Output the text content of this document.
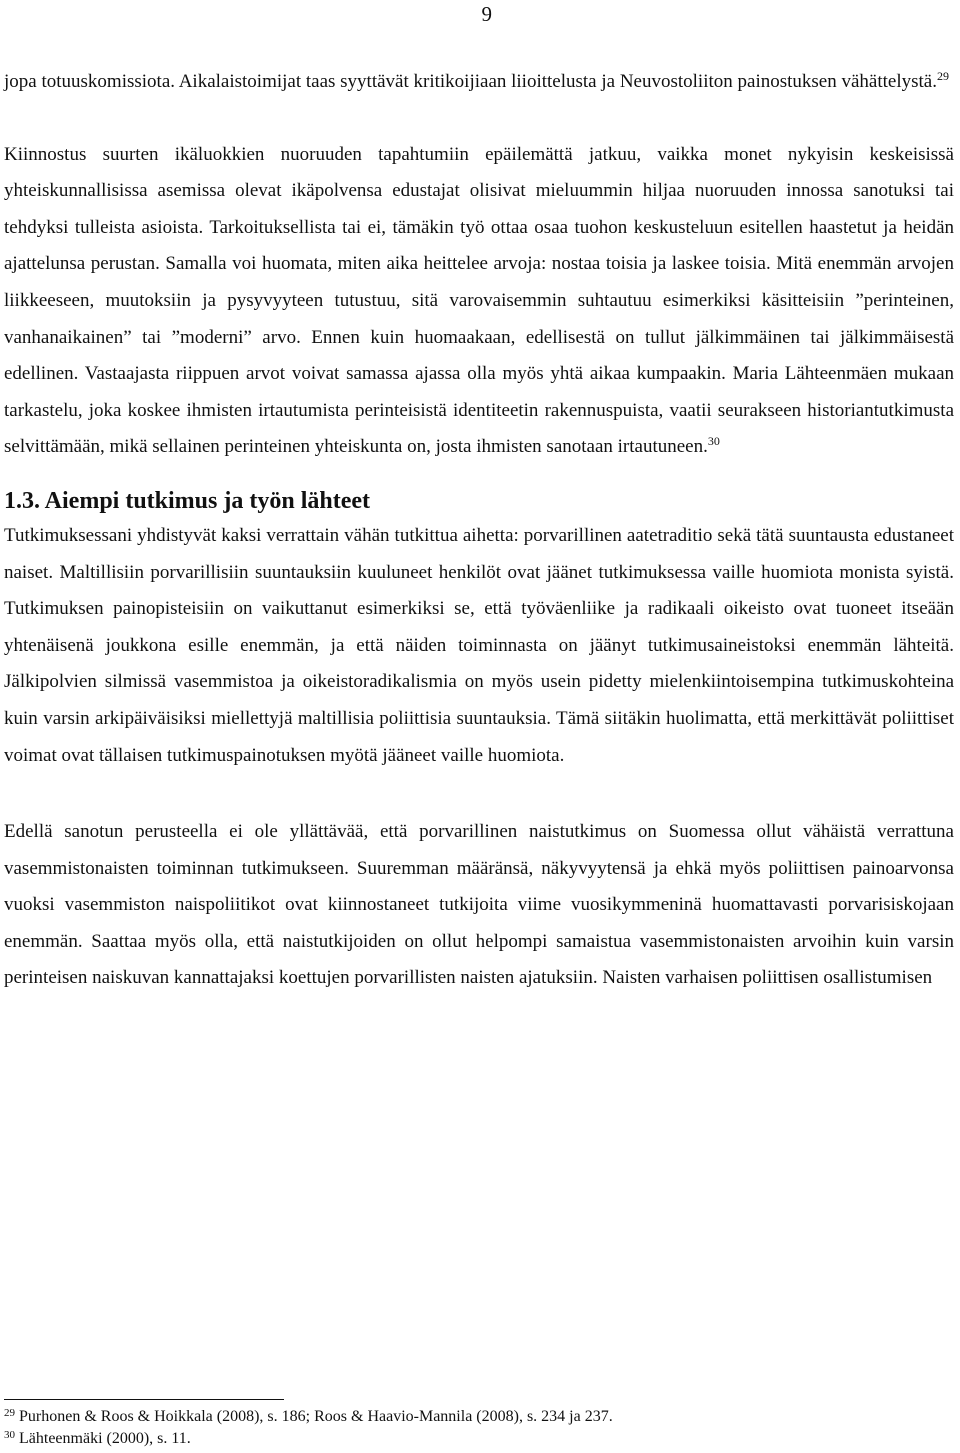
9

jopa totuuskomissiota. Aikalaistoimijat taas syyttävät kritikoijiaan liioittelusta ja Neuvostoliiton painostuksen vähättelystä.$^{29}$

Kiinnostus suurten ikäluokkien nuoruuden tapahtumiin epäilemättä jatkuu, vaikka monet nykyisin keskeisissä yhteiskunnallisissa asemissa olevat ikäpolvensa edustajat olisivat mieluummin hiljaa nuoruuden innossa sanotuksi tai tehdyksi tulleista asioista. Tarkoituksellista tai ei, tämäkin työ ottaa osaa tuohon keskusteluun esitellen haastetut ja heidän ajattelunsa perustan. Samalla voi huomata, miten aika heittelee arvoja: nostaa toisia ja laskee toisia. Mitä enemmän arvojen liikkeeseen, muutoksiin ja pysyvyyteen tutustuu, sitä varovaisemmin suhtautuu esimerkiksi käsitteisiin ”perinteinen, vanhanaikainen” tai ”moderni” arvo. Ennen kuin huomaakaan, edellisestä on tullut jälkimmäinen tai jälkimmäisestä edellinen. Vastaajasta riippuen arvot voivat samassa ajassa olla myös yhtä aikaa kumpaakin. Maria Lähteenmäen mukaan tarkastelu, joka koskee ihmisten irtautumista perinteisistä identiteetin rakennuspuista, vaatii seurakseen historiantutkimusta selvittämään, mikä sellainen perinteinen yhteiskunta on, josta ihmisten sanotaan irtautuneen.$^{30}$

1.3. Aiempi tutkimus ja työn lähteet

Tutkimuksessani yhdistyvät kaksi verrattain vähän tutkittua aihetta: porvarillinen aatetraditio sekä tätä suuntausta edustaneet naiset. Maltillisiin porvarillisiin suuntauksiin kuuluneet henkilöt ovat jäänet tutkimuksessa vaille huomiota monista syistä. Tutkimuksen painopisteisiin on vaikuttanut esimerkiksi se, että työväenliike ja radikaali oikeisto ovat tuoneet itseään yhtenäisenä joukkona esille enemmän, ja että näiden toiminnasta on jäänyt tutkimusaineistoksi enemmän lähteitä. Jälkipolvien silmissä vasemmistoa ja oikeistoradikalismia on myös usein pidetty mielenkiintoisempina tutkimuskohteina kuin varsin arkipäiväisiksi miellettyjä maltillisia poliittisia suuntauksia. Tämä siitäkin huolimatta, että merkittävät poliittiset voimat ovat tällaisen tutkimuspainotuksen myötä jääneet vaille huomiota.

Edellä sanotun perusteella ei ole yllättävää, että porvarillinen naistutkimus on Suomessa ollut vähäistä verrattuna vasemmistonaisten toiminnan tutkimukseen. Suuremman määränsä, näkyvyytensä ja ehkä myös poliittisen painoarvonsa vuoksi vasemmiston naispoliitikot ovat kiinnostaneet tutkijoita viime vuosikymmeninä huomattavasti porvarisiskojaan enemmän. Saattaa myös olla, että naistutkijoiden on ollut helpompi samaistua vasemmistonaisten arvoihin kuin varsin perinteisen naiskuvan kannattajaksi koettujen porvarillisten naisten ajatuksiin. Naisten varhaisen poliittisen osallistumisen

$^{29}$ Purhonen & Roos & Hoikkala (2008), s. 186; Roos & Haavio-Mannila (2008), s. 234 ja 237.
$^{30}$ Lähteenmäki (2000), s. 11.
